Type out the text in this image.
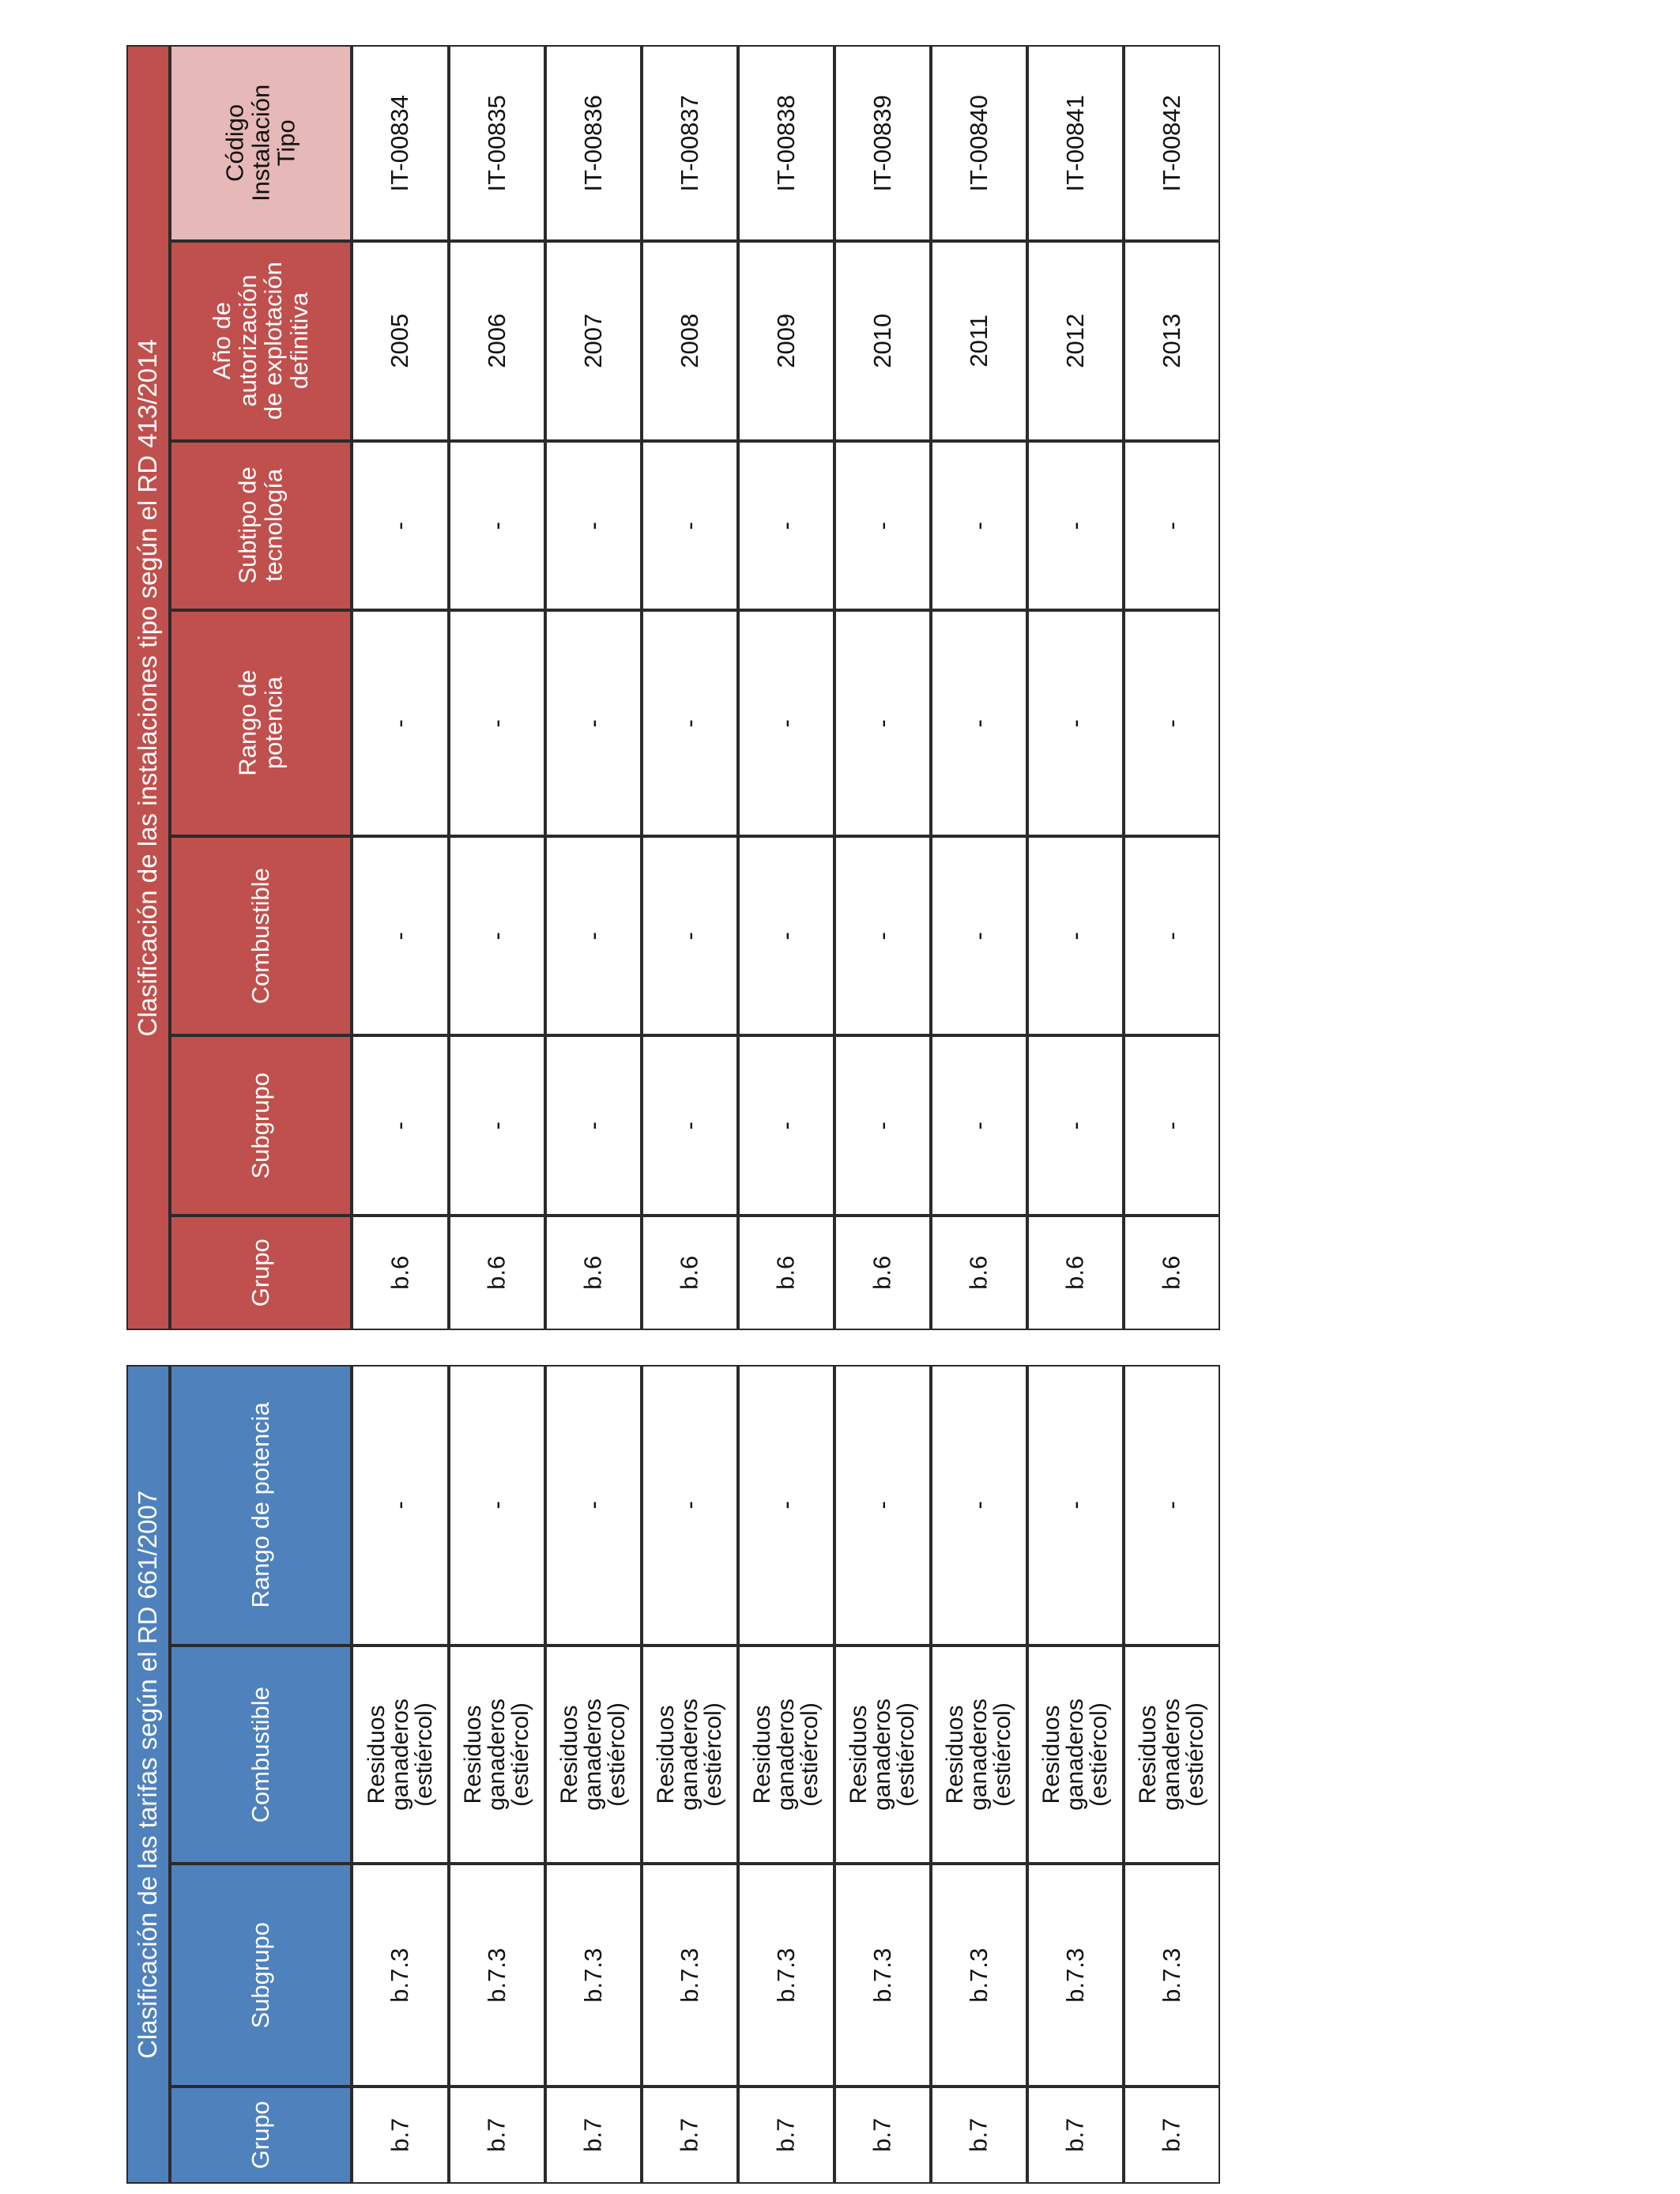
Clasificación de las tarifas según el RD 661/2007
Grupo
Subgrupo
Combustible
Rango de potencia
b.7
b.7.3
Residuos
ganaderos
(estiércol)
-
b.7
b.7.3
Residuos
ganaderos
(estiércol)
-
b.7
b.7.3
Residuos
ganaderos
(estiércol)
-
b.7
b.7.3
Residuos
ganaderos
(estiércol)
-
b.7
b.7.3
Residuos
ganaderos
(estiércol)
-
b.7
b.7.3
Residuos
ganaderos
(estiércol)
-
b.7
b.7.3
Residuos
ganaderos
(estiércol)
-
b.7
b.7.3
Residuos
ganaderos
(estiércol)
-
b.7
b.7.3
Residuos
ganaderos
(estiércol)
-
Clasificación de las instalaciones tipo según el RD 413/2014
Grupo
Subgrupo
Combustible
Rango de
potencia
Subtipo de
tecnología
Año de
autorización
de explotación
definitiva
Código
Instalación
Tipo
b.6
-
-
-
-
2005
IT-00834
b.6
-
-
-
-
2006
IT-00835
b.6
-
-
-
-
2007
IT-00836
b.6
-
-
-
-
2008
IT-00837
b.6
-
-
-
-
2009
IT-00838
b.6
-
-
-
-
2010
IT-00839
b.6
-
-
-
-
2011
IT-00840
b.6
-
-
-
-
2012
IT-00841
b.6
-
-
-
-
2013
IT-00842
